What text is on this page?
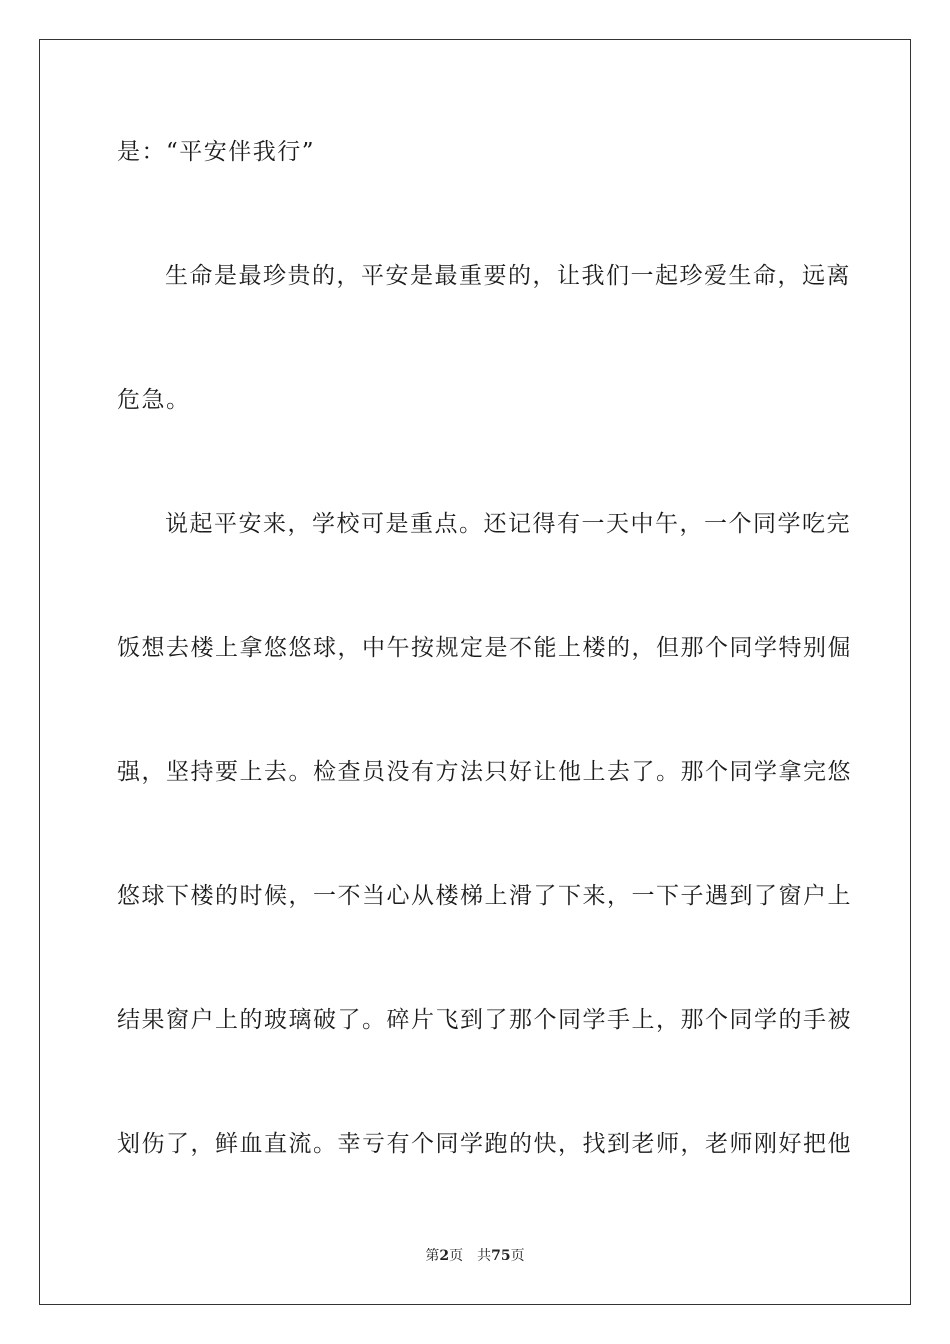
是：“平安伴我行”
生命是最珍贵的，平安是最重要的，让我们一起珍爱生命，远离
危急。
说起平安来，学校可是重点。还记得有一天中午，一个同学吃完
饭想去楼上拿悠悠球，中午按规定是不能上楼的，但那个同学特别倔
强，坚持要上去。检查员没有方法只好让他上去了。那个同学拿完悠
悠球下楼的时候，一不当心从楼梯上滑了下来，一下子遇到了窗户上
结果窗户上的玻璃破了。碎片飞到了那个同学手上，那个同学的手被
划伤了，鲜血直流。幸亏有个同学跑的快，找到老师，老师刚好把他
第2页 共75页
